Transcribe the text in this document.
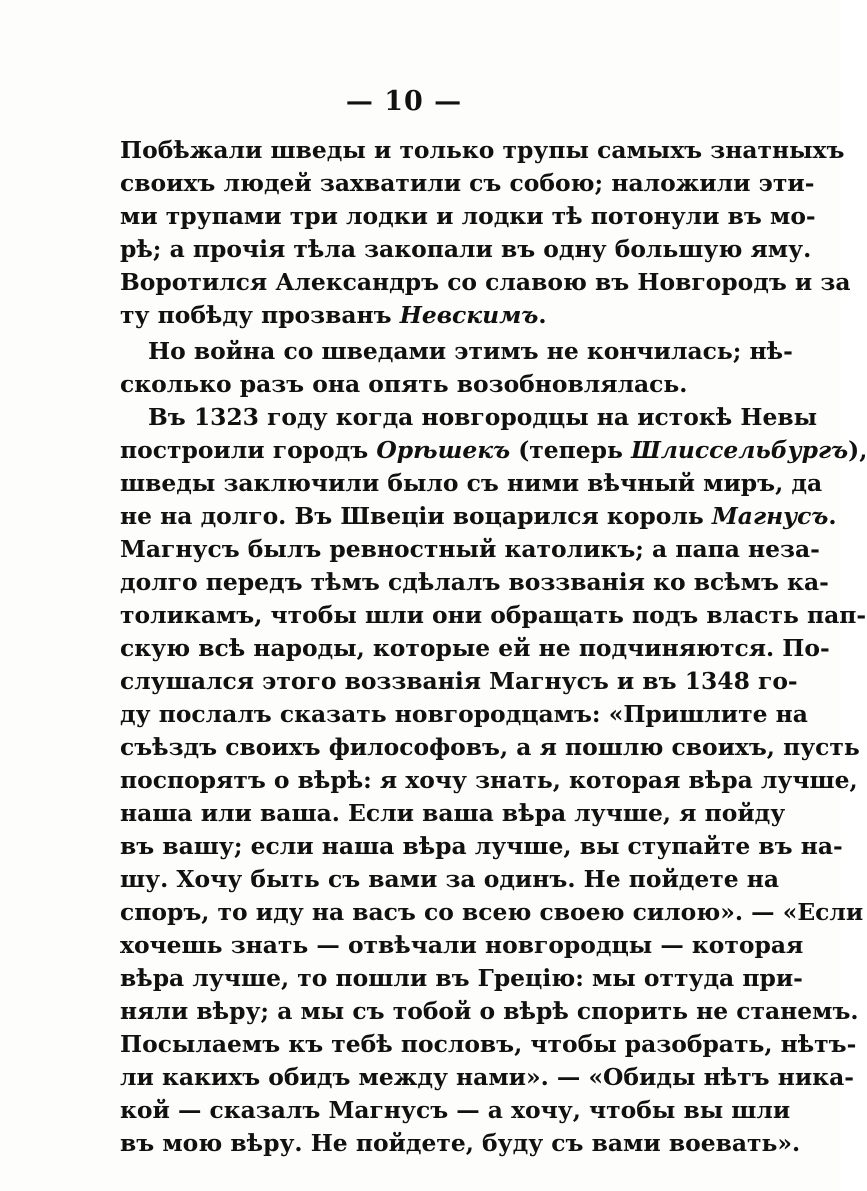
— 10 —
Побѣжали шведы и только трупы самыхъ знатныхъ
своихъ людей захватили съ собою; наложили эти-
ми трупами три лодки и лодки тѣ потонули въ мо-
рѣ; а прочія тѣла закопали въ одну большую яму.
Воротился Александръ со славою въ Новгородъ и за
ту побѣду прозванъ Невскимъ.
Но война со шведами этимъ не кончилась; нѣ-
сколько разъ она опять возобновлялась.
Въ 1323 году когда новгородцы на истокѣ Невы
построили городъ Орѣшекъ (теперь Шлиссельбургъ),
шведы заключили было съ ними вѣчный миръ, да
не на долго. Въ Швеціи воцарился король Магнусъ.
Магнусъ былъ ревностный католикъ; а папа неза-
долго передъ тѣмъ сдѣлалъ воззванія ко всѣмъ ка-
толикамъ, чтобы шли они обращать подъ власть пап-
скую всѣ народы, которые ей не подчиняются. По-
слушался этого воззванія Магнусъ и въ 1348 го-
ду послалъ сказать новгородцамъ: «Пришлите на
съѣздъ своихъ философовъ, а я пошлю своихъ, пусть
поспорятъ о вѣрѣ: я хочу знать, которая вѣра лучше,
наша или ваша. Если ваша вѣра лучше, я пойду
въ вашу; если наша вѣра лучше, вы ступайте въ на-
шу. Хочу быть съ вами за одинъ. Не пойдете на
споръ, то иду на васъ со всею своею силою». — «Если
хочешь знать — отвѣчали новгородцы — которая
вѣра лучше, то пошли въ Грецію: мы оттуда при-
няли вѣру; а мы съ тобой о вѣрѣ спорить не станемъ.
Посылаемъ къ тебѣ пословъ, чтобы разобрать, нѣтъ-
ли какихъ обидъ между нами». — «Обиды нѣтъ ника-
кой — сказалъ Магнусъ — а хочу, чтобы вы шли
въ мою вѣру. Не пойдете, буду съ вами воевать».
